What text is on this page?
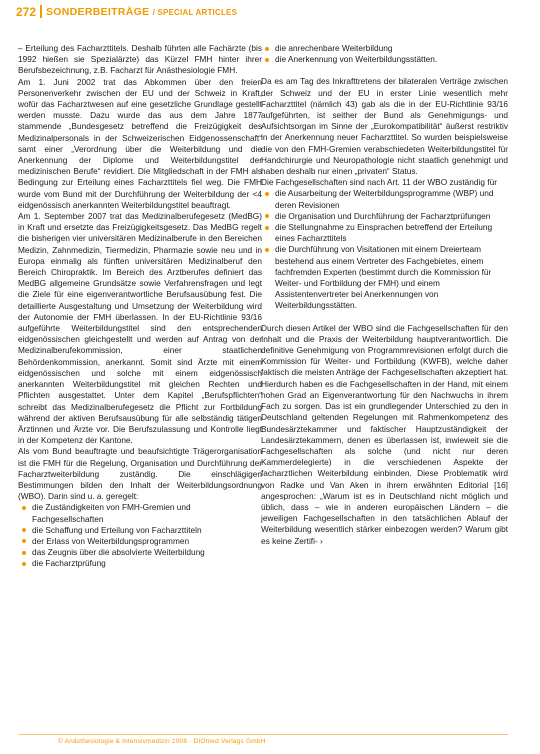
272 SONDERBEITRÄGE / SPECIAL ARTICLES

– Erteilung des Facharzttitels. Deshalb führten alle Fachärzte (bis 1992 hießen sie Spezialärzte) das Kürzel FMH hinter ihrer Berufsbezeichnung, z.B. Facharzt für Anästhesiologie FMH.

Am 1. Juni 2002 trat das Abkommen über den freien Personenverkehr zwischen der EU und der Schweiz in Kraft, wofür das Facharztwesen auf eine gesetzliche Grundlage gestellt werden musste. Dazu wurde das aus dem Jahre 1877 stammende „Bundesgesetz betreffend die Freizügigkeit des Medizinalpersonals in der Schweizerischen Eidgenossenschaft“ samt einer „Verordnung über die Weiterbildung und die Anerkennung der Diplome und Weiterbildungstitel der medizinischen Berufe“ revidiert. Die Mitgliedschaft in der FMH als Bedingung zur Erteilung eines Facharzttitels fiel weg. Die FMH wurde vom Bund mit der Durchführung der Weiterbildung der <4 eidgenössisch anerkannten Weiterbildungstitel beauftragt.

Am 1. September 2007 trat das Medizinalberufegesetz (MedBG) in Kraft und ersetzte das Freizügigkeitsgesetz. Das MedBG regelt die bisherigen vier universitären Medizinalberufe in den Bereichen Medizin, Zahnmedizin, Tiermedizin, Pharmazie sowie neu und in Europa einmalig als fünften universitären Medizinalberuf den Bereich Chiropraktik. Im Bereich des Arztberufes definiert das MedBG allgemeine Grundsätze sowie Verfahrensfragen und legt die Ziele für eine eigenverantwortliche Berufsausübung fest. Die detaillierte Ausgestaltung und Umsetzung der Weiterbildung wird der Autonomie der FMH überlassen. In der EU-Richtlinie 93/16 aufgeführte Weiterbildungstitel sind den entsprechenden eidgenössischen gleichgestellt und werden auf Antrag von der Medizinalberufekommission, einer staatlichen Behördenkommission, anerkannt. Somit sind Ärzte mit einem eidgenössischen und solche mit einem eidgenössisch anerkannten Weiterbildungstitel mit gleichen Rechten und Pflichten ausgestattet. Unter dem Kapitel „Berufspflichten“ schreibt das Medizinalberufegesetz die Pflicht zur Fortbildung während der aktiven Berufsausübung für alle selbständig tätigen Ärztinnen und Ärzte vor. Die Berufszulassung und Kontrolle liegt in der Kompetenz der Kantone.

Als vom Bund beauftragte und beaufsichtigte Trägerorganisation ist die FMH für die Regelung, Organisation und Durchführung der Facharztweiterbildung zuständig. Die einschlägigen Bestimmungen bilden den Inhalt der Weiterbildungsordnung (WBO). Darin sind u. a. geregelt:

die Zuständigkeiten von FMH-Gremien und Fachgesellschaften
die Schaffung und Erteilung von Facharzttiteln
der Erlass von Weiterbildungsprogrammen
das Zeugnis über die absolvierte Weiterbildung
die Facharztprüfung
die anrechenbare Weiterbildung
die Anerkennung von Weiterbildungsstätten.

Da es am Tag des Inkrafttretens der bilateralen Verträge zwischen der Schweiz und der EU in erster Linie wesentlich mehr Facharzttitel (nämlich 43) gab als die in der EU-Richtlinie 93/16 aufgeführten, ist seither der Bund als Genehmigungs- und Aufsichtsorgan im Sinne der „Eurokompatibilität“ äußerst restriktiv in der Anerkennung neuer Facharzttitel. So wurden beispielsweise die von den FMH-Gremien verabschiedeten Weiterbildungstitel für Handchirurgie und Neuropathologie nicht staatlich genehmigt und haben deshalb nur einen „privaten“ Status.

Die Fachgesellschaften sind nach Art. 11 der WBO zuständig für

die Ausarbeitung der Weiterbildungsprogramme (WBP) und deren Revisionen
die Organisation und Durchführung der Facharztprüfungen
die Stellungnahme zu Einsprachen betreffend der Erteilung eines Facharzttitels
die Durchführung von Visitationen mit einem Dreierteam bestehend aus einem Vertreter des Fachgebietes, einem fachfremden Experten (bestimmt durch die Kommission für Weiter- und Fortbildung der FMH) und einem Assistentenvertreter bei Anerkennungen von Weiterbildungsstätten.

Durch diesen Artikel der WBO sind die Fachgesellschaften für den Inhalt und die Praxis der Weiterbildung hauptverantwortlich. Die definitive Genehmigung von Programmrevisionen erfolgt durch die Kommission für Weiter- und Fortbildung (KWFB), welche daher faktisch die meisten Anträge der Fachgesellschaften akzeptiert hat. Hierdurch haben es die Fachgesellschaften in der Hand, mit einem hohen Grad an Eigenverantwortung für den Nachwuchs in ihrem Fach zu sorgen. Das ist ein grundlegender Unterschied zu den in Deutschland geltenden Regelungen mit Rahmenkompetenz des Bundesärztekammer und faktischer Hauptzuständigkeit der Landesärztekammern, denen es überlassen ist, inwieweit sie die Fachgesellschaften als solche (und nicht nur deren Kammerdelegierte) in die verschiedenen Aspekte der facharztlichen Weiterbildung einbinden. Diese Problematik wird von Radke und Van Aken in ihrem erwähnten Editorial [16] angesprochen: „Warum ist es in Deutschland nicht möglich und üblich, dass – wie in anderen europäischen Ländern – die jeweiligen Fachgesellschaften in den tatsächlichen Ablauf der Weiterbildung wesentlich stärker einbezogen werden? Warum gibt es keine Zertifi- ›

© Anästhesiologie & Intensivmedizin 2008 · DIOmed Verlags GmbH
